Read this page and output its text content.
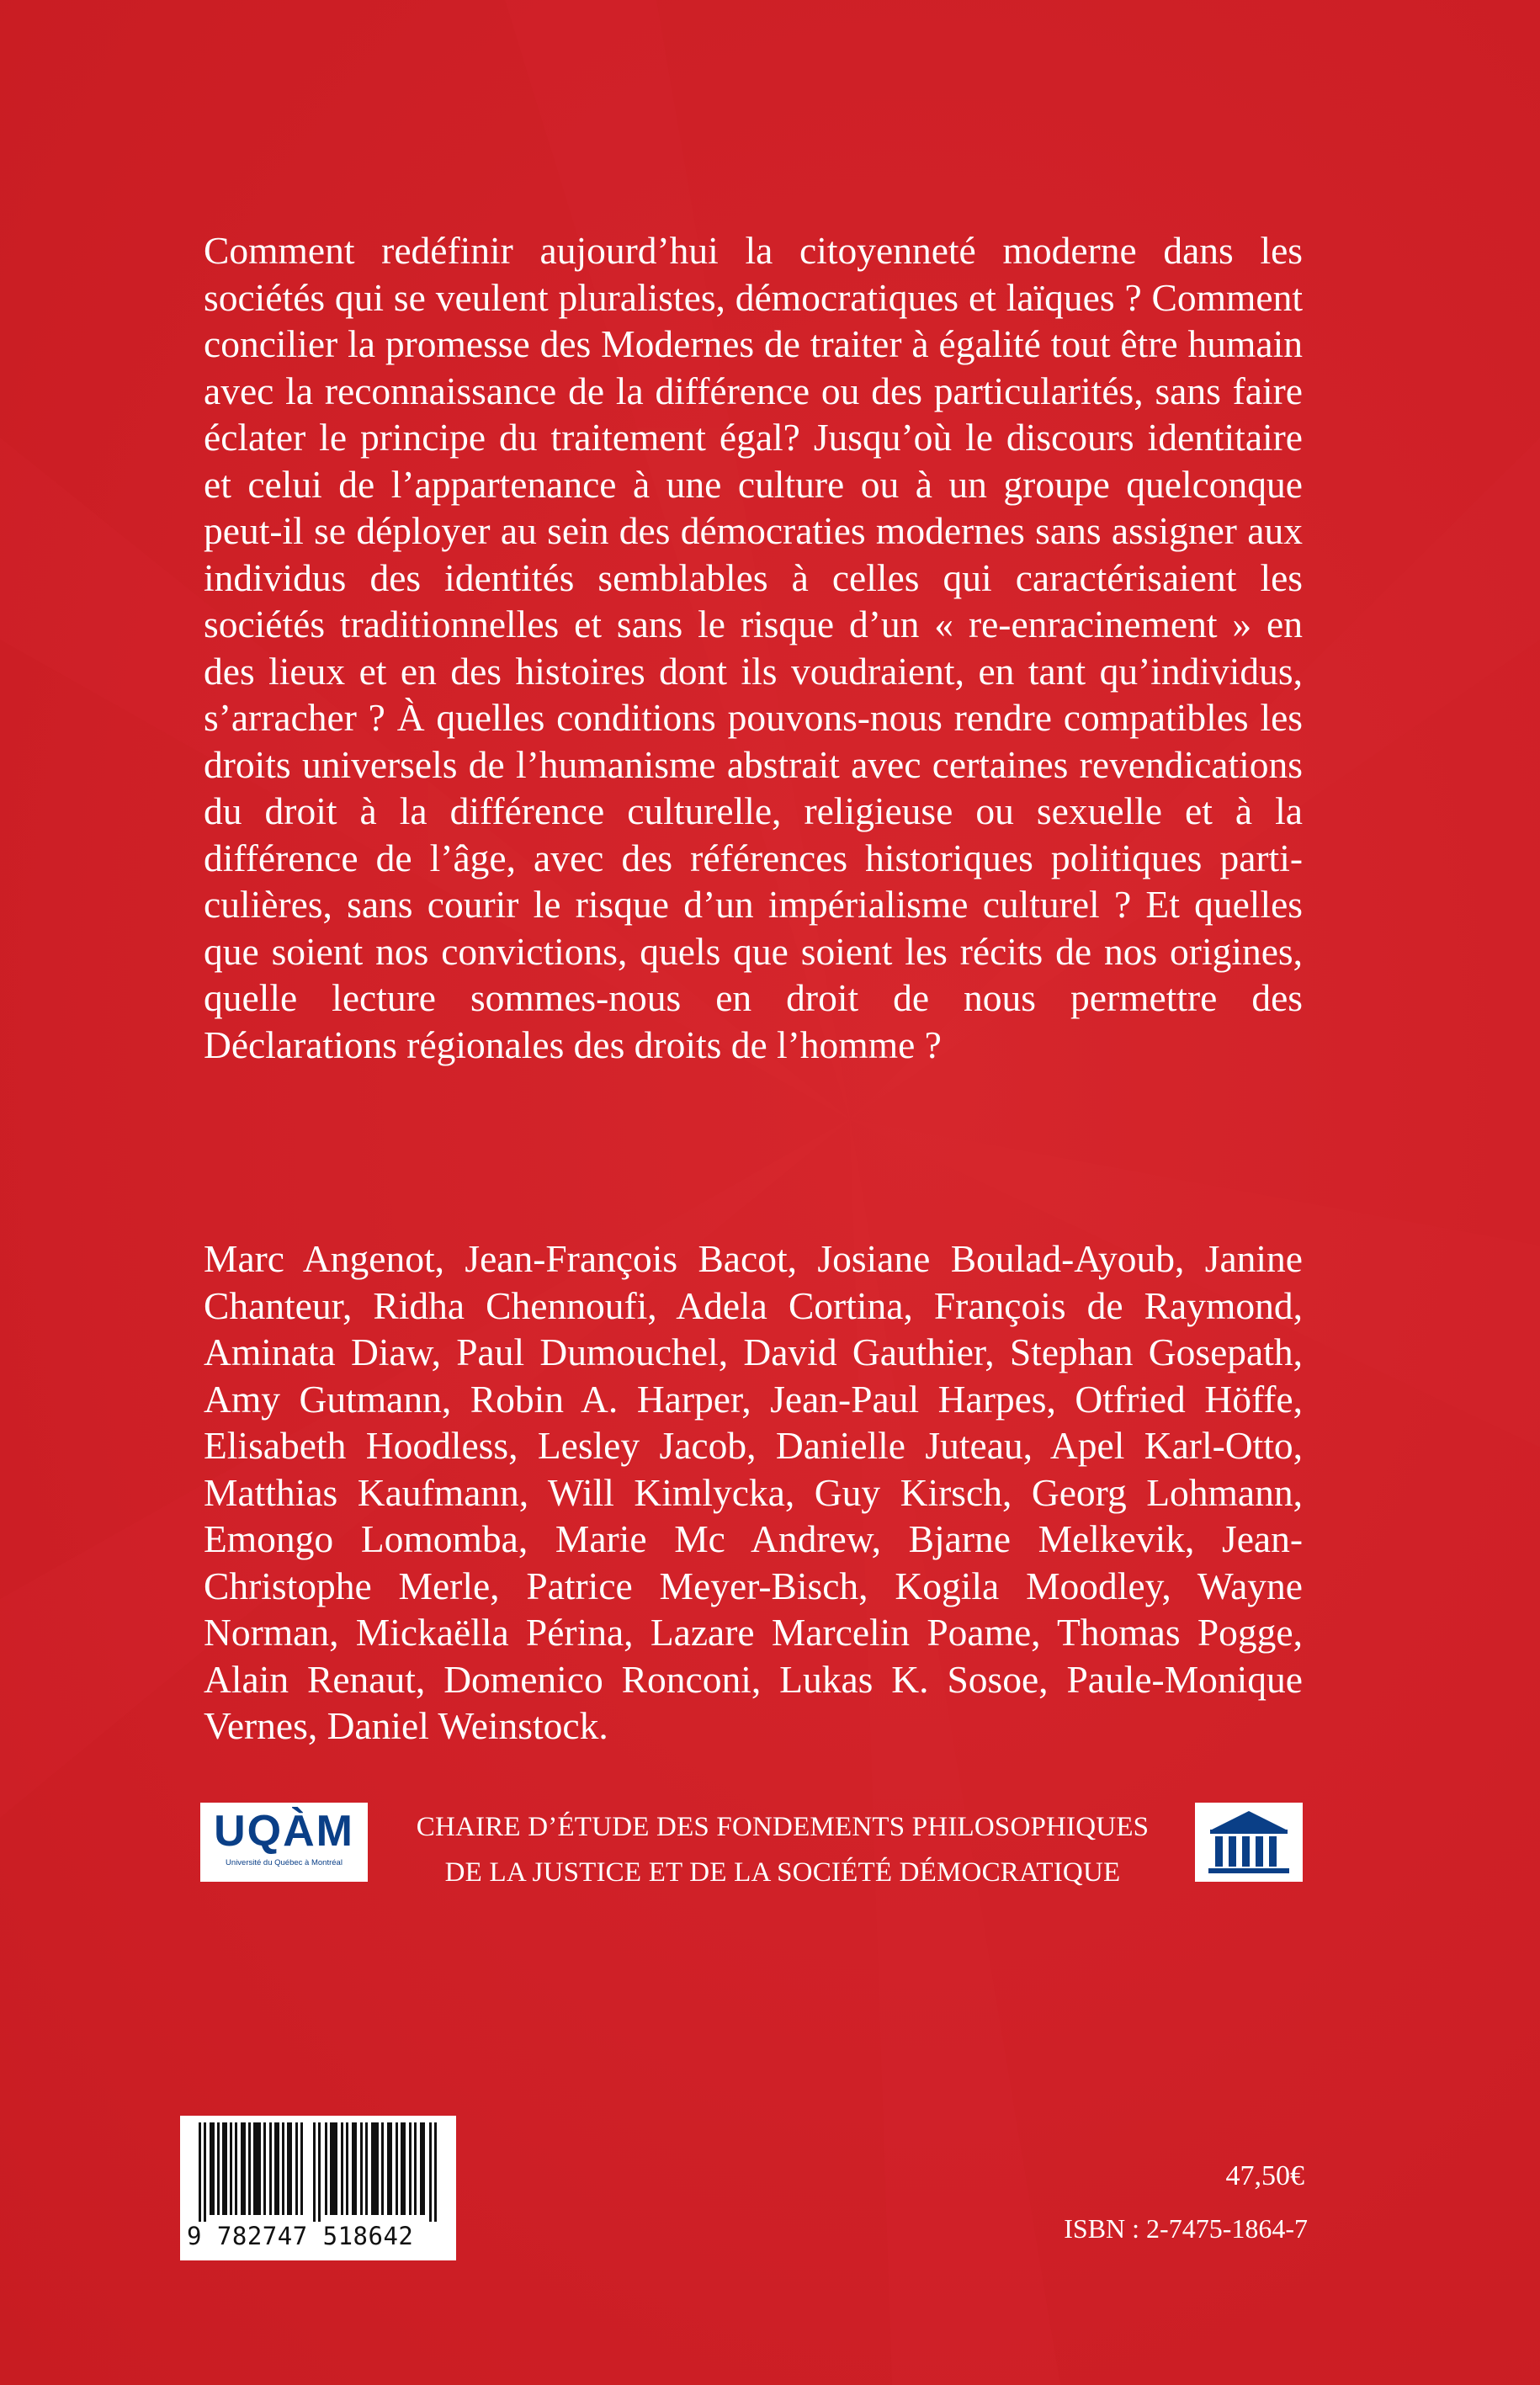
Comment redéfinir aujourd’hui la citoyenneté moderne dans les sociétés qui se veulent pluralistes, démocratiques et laïques ? Comment concilier la promesse des Modernes de traiter à égalité tout être humain avec la reconnaissance de la différence ou des particularités, sans faire éclater le principe du traitement égal? Jusqu’où le discours identitaire et celui de l’appartenance à une culture ou à un groupe quelconque peut-il se déployer au sein des démocraties modernes sans assigner aux individus des identités semblables à celles qui caractérisaient les sociétés traditionnelles et sans le risque d’un « re-enracinement » en des lieux et en des histoires dont ils voudraient, en tant qu’individus, s’arracher ? À quelles conditions pouvons-nous rendre compatibles les droits universels de l’humanisme abstrait avec certaines revendications du droit à la différence culturelle, religieuse ou sexuelle et à la différence de l’âge, avec des références historiques politiques particulières, sans courir le risque d’un impérialisme culturel ? Et quelles que soient nos convictions, quels que soient les récits de nos origines, quelle lecture sommes-nous en droit de nous permettre des Déclarations régionales des droits de l’homme ?

Marc Angenot, Jean-François Bacot, Josiane Boulad-Ayoub, Janine Chanteur, Ridha Chennoufi, Adela Cortina, François de Raymond, Aminata Diaw, Paul Dumouchel, David Gauthier, Stephan Gosepath, Amy Gutmann, Robin A. Harper, Jean-Paul Harpes, Otfried Höffe, Elisabeth Hoodless, Lesley Jacob, Danielle Juteau, Apel Karl-Otto, Matthias Kaufmann, Will Kimlycka, Guy Kirsch, Georg Lohmann, Emongo Lomomba, Marie Mc Andrew, Bjarne Melkevik, Jean-Christophe Merle, Patrice Meyer-Bisch, Kogila Moodley, Wayne Norman, Mickaëlla Périna, Lazare Marcelin Poame, Thomas Pogge, Alain Renaut, Domenico Ronconi, Lukas K. Sosoe, Paule-Monique Vernes, Daniel Weinstock.

UQÀM
Université du Québec à Montréal
CHAIRE D’ÉTUDE DES FONDEMENTS PHILOSOPHIQUES
DE LA JUSTICE ET DE LA SOCIÉTÉ DÉMOCRATIQUE
9 782747 518642
47,50€
ISBN : 2-7475-1864-7
